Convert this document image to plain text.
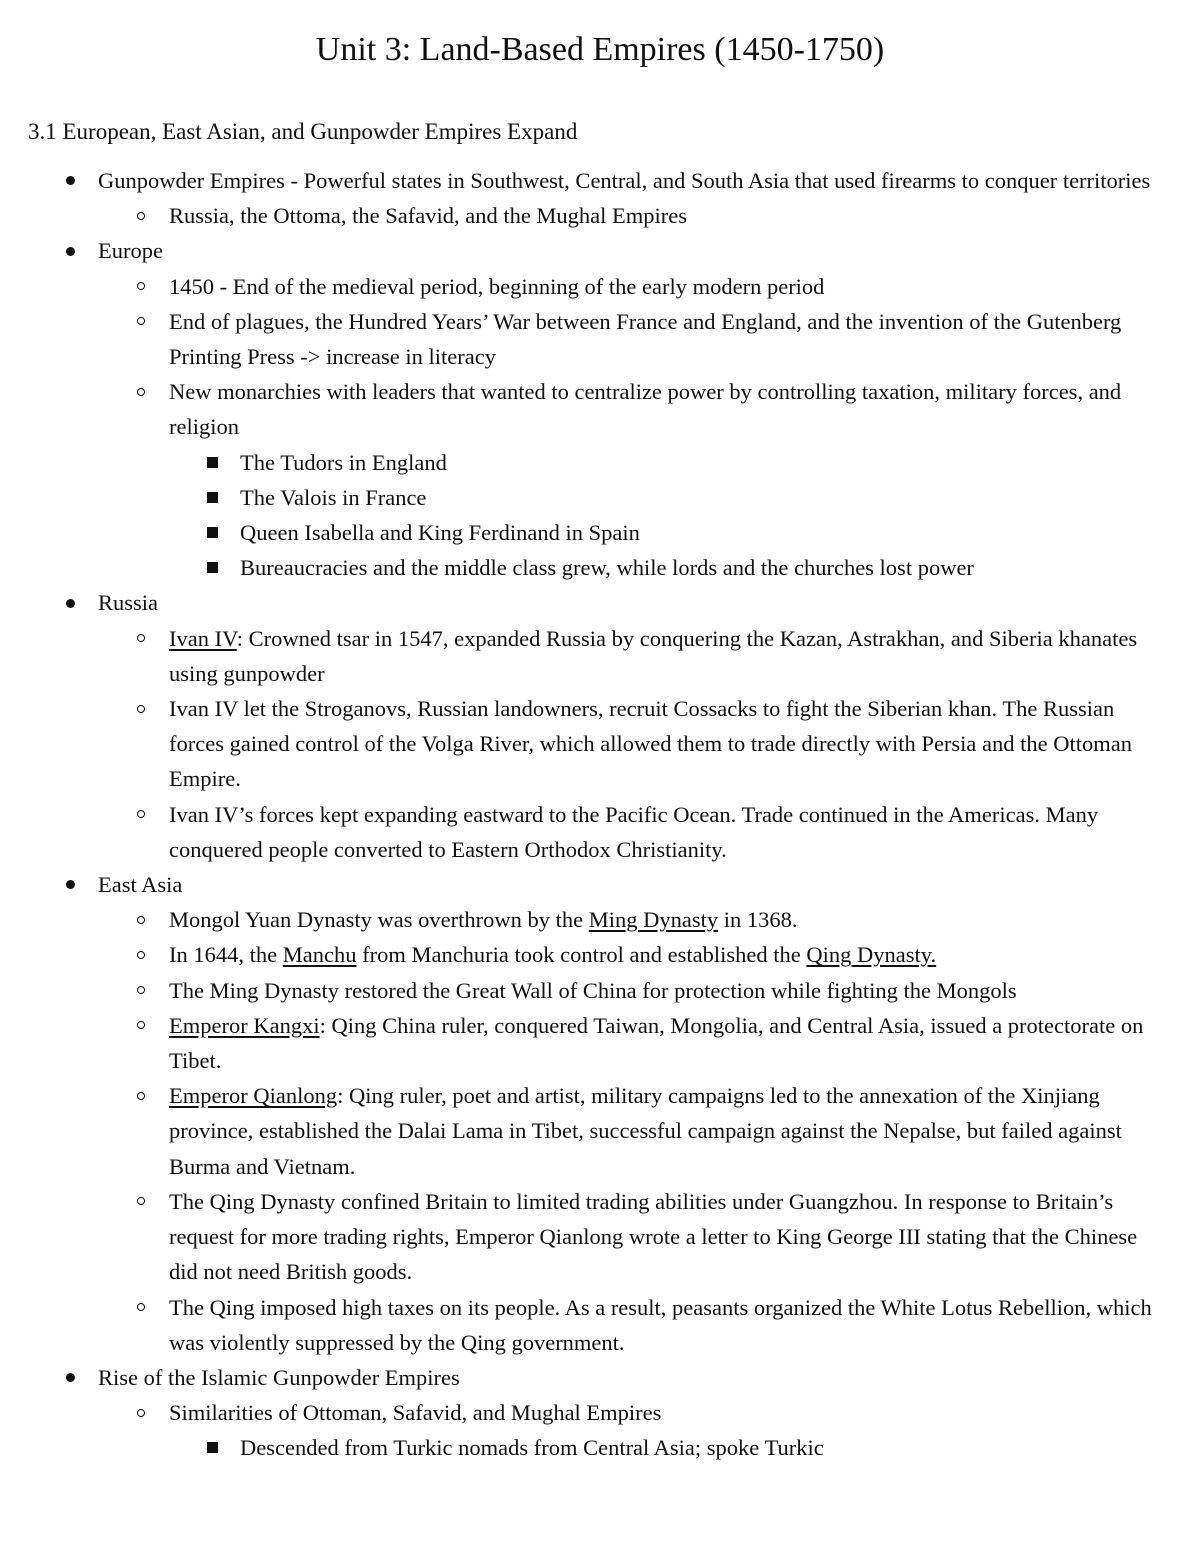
Unit 3: Land-Based Empires (1450-1750)
3.1 European, East Asian, and Gunpowder Empires Expand
Gunpowder Empires - Powerful states in Southwest, Central, and South Asia that used firearms to conquer territories
Russia, the Ottoma, the Safavid, and the Mughal Empires
Europe
1450 - End of the medieval period, beginning of the early modern period
End of plagues, the Hundred Years’ War between France and England, and the invention of the Gutenberg Printing Press -> increase in literacy
New monarchies with leaders that wanted to centralize power by controlling taxation, military forces, and religion
The Tudors in England
The Valois in France
Queen Isabella and King Ferdinand in Spain
Bureaucracies and the middle class grew, while lords and the churches lost power
Russia
Ivan IV: Crowned tsar in 1547, expanded Russia by conquering the Kazan, Astrakhan, and Siberia khanates using gunpowder
Ivan IV let the Stroganovs, Russian landowners, recruit Cossacks to fight the Siberian khan. The Russian forces gained control of the Volga River, which allowed them to trade directly with Persia and the Ottoman Empire.
Ivan IV’s forces kept expanding eastward to the Pacific Ocean. Trade continued in the Americas. Many conquered people converted to Eastern Orthodox Christianity.
East Asia
Mongol Yuan Dynasty was overthrown by the Ming Dynasty in 1368.
In 1644, the Manchu from Manchuria took control and established the Qing Dynasty.
The Ming Dynasty restored the Great Wall of China for protection while fighting the Mongols
Emperor Kangxi: Qing China ruler, conquered Taiwan, Mongolia, and Central Asia, issued a protectorate on Tibet.
Emperor Qianlong: Qing ruler, poet and artist, military campaigns led to the annexation of the Xinjiang province, established the Dalai Lama in Tibet, successful campaign against the Nepalse, but failed against Burma and Vietnam.
The Qing Dynasty confined Britain to limited trading abilities under Guangzhou. In response to Britain’s request for more trading rights, Emperor Qianlong wrote a letter to King George III stating that the Chinese did not need British goods.
The Qing imposed high taxes on its people. As a result, peasants organized the White Lotus Rebellion, which was violently suppressed by the Qing government.
Rise of the Islamic Gunpowder Empires
Similarities of Ottoman, Safavid, and Mughal Empires
Descended from Turkic nomads from Central Asia; spoke Turkic
